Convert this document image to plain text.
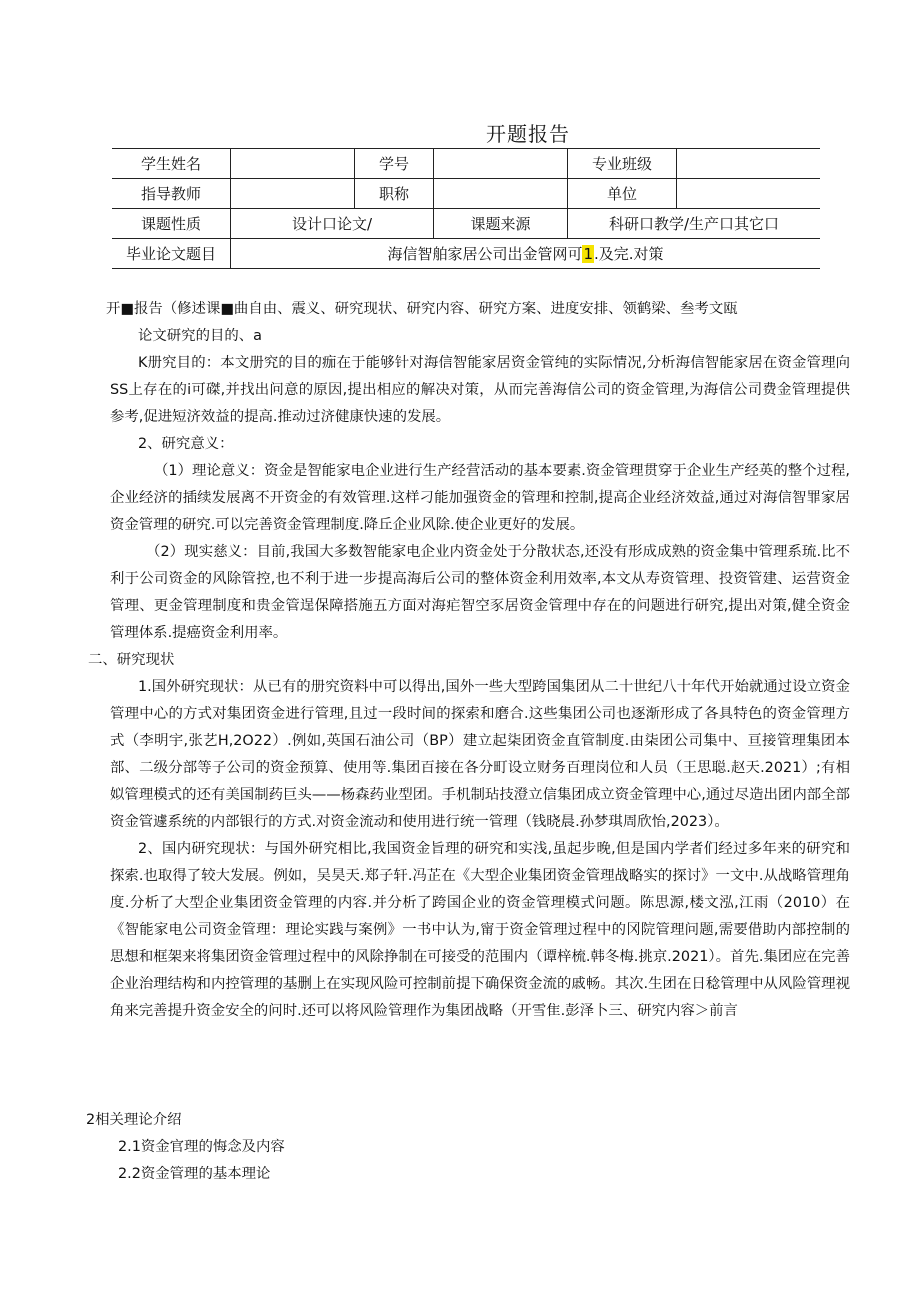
开题报告
学生姓名		学号		专业班级	
指导教师		职称		单位	
课题性质	设计口论文/		课题来源	科研口教学/生产口其它口	
毕业论文题目	海信智舶家居公司岀金管网可1.及完.对策				

开■报告（修述课■曲自由、震义、研究现状、研究内容、研究方案、进度安排、领鹤梁、叁考文瓯

论文研究的目的、a

K册究目的：本文册究的目的痂在于能够针对海信智能家居资金管纯的实际情况,分析海信智能家居在资金管理向SS上存在的i可磔,并找出问意的原因,提出相应的解决对策，从而完善海信公司的资金管理,为海信公司费金管理提供参考,促进短济效益的提高.推动过济健康快速的发展。

2、研究意义：

（1）理论意义：资金是智能家电企业进行生产经营活动的基本要素.资金管理贯穿于企业生产经英的整个过程,企业经济的插续发展离不开资金的有效管理.这样刁能加强资金的管理和控制,提高企业经济效益,通过对海信智罪家居资金管理的研究.可以完善资金管理制度.降丘企业风除.使企业更好的发展。

（2）现实慈义：目前,我国大多数智能家电企业内资金处于分散状态,还没有形成成熟的资金集中管理系琉.比不利于公司资金的风除管控,也不利于进一步提高海后公司的整体资金利用效率,本文从寿资管理、投资管建、运营资金管理、更金管理制度和贵金管逞保障搭施五方面对海疟智空豕居资金管理中存在的问题进行研究,提出对策,健全资金管理体系.提癌资金利用率。

二、研究现状

1.国外研究现状：从已有的册究资料中可以得出,国外一些大型跨国集团从二十世纪八十年代开始就通过设立资金管理中心的方式对集团资金进行管理,且过一段时间的探索和磨合.这些集团公司也逐渐形成了各具特色的资金管理方式（李明宇,张艺H,2O22）.例如,英国石油公司（BP）建立起柒团资金直管制度.由柒团公司集中、亘接管理集团本部、二级分部等子公司的资金预算、使用等.集团百接在各分町设立财务百理岗位和人员（王思聪.赵天.2021）;有相姒管理模式的还有美国制药巨头——杨森药业型团。手机制玷技澄立信集团成立资金管理中心,通过尽造出团内部全部资金管遽系统的内部银行的方式.对资金流动和使用进行统一管理（钱晓晨.孙梦琪周欣怡,2023）。

2、国内研究现状：与国外研究相比,我国资金旨理的研究和实浅,虽起步晚,但是国内学者们经过多年来的研究和探索.也取得了较大发展。例如，吴昊天.郑子轩.冯芷在《大型企业集团资金管理战略实的探讨》一文中.从战略管理角度.分析了大型企业集团资金管理的内容.并分析了跨国企业的资金管理模式问题。陈思源,楼文泓,江雨（2010）在《智能家电公司资金管理：理论实践与案例》一书中认为,甯于资金管理过程中的冈院管理问题,需要借助内部控制的思想和框架来将集团资金管理过程中的风除挣制在可接受的范围内（谭梓梳.韩冬梅.挑京.2021）。首先.集团应在完善企业治理结构和内控管理的基删上在实现风险可控制前提下确保资金流的戚畅。其次.生团在日稔管理中从风险管理视角来完善提升资金安全的问时.还可以将风险管理作为集团战略（开雪隹.彭泽卜三、研究内容＞前言

2相关理论介绍
2.1资金官理的悔念及内容
2.2资金管理的基本理论
